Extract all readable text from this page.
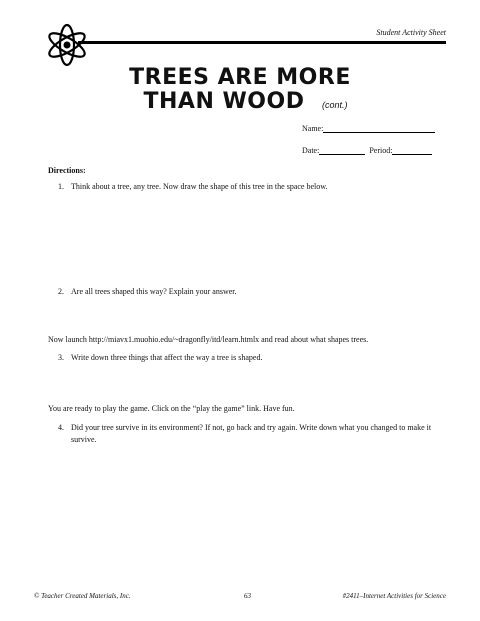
Student Activity Sheet
TREES ARE MORE
THAN WOOD	(cont.)
Name:
Date:	Period:
Directions:
1. Think about a tree, any tree. Now draw the shape of this tree in the space below.
2. Are all trees shaped this way? Explain your answer.
Now launch http://miavx1.muohio.edu/~dragonfly/itd/learn.htmlx and read about what shapes trees.
3. Write down three things that affect the way a tree is shaped.
You are ready to play the game. Click on the “play the game” link. Have fun.
4. Did your tree survive in its environment? If not, go back and try again. Write down what you changed to make it survive.
© Teacher Created Materials, Inc.	63	#2411–Internet Activities for Science
